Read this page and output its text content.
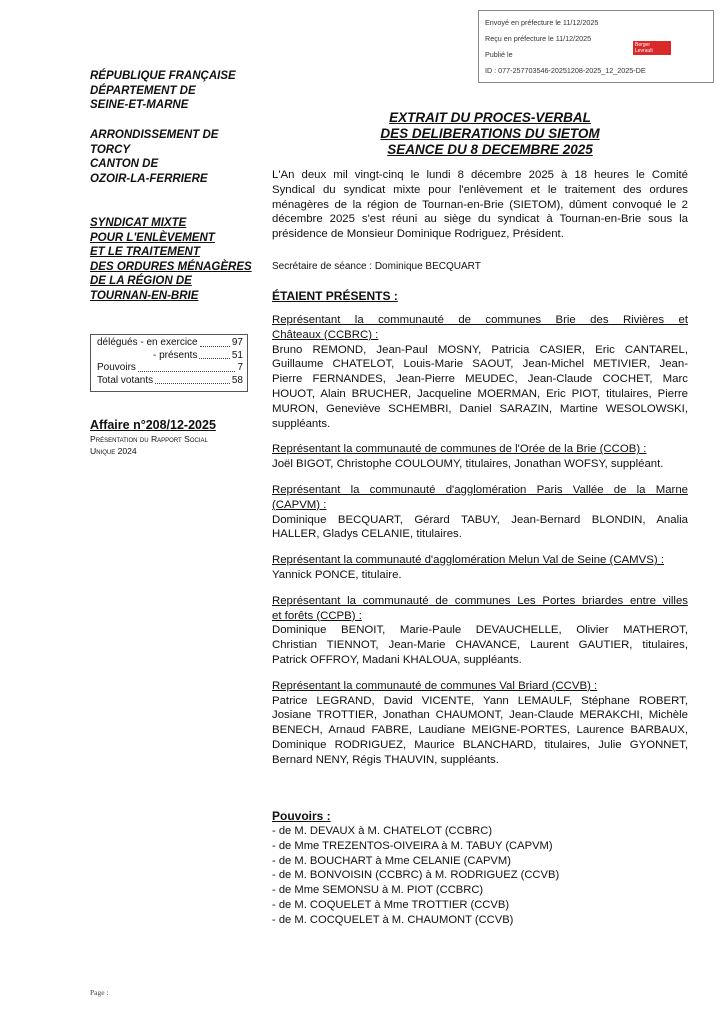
Envoyé en préfecture le 11/12/2025
Reçu en préfecture le 11/12/2025
Publié le
ID : 077-257703546-20251208-2025_12_2025-DE
Berger Levrault
RÉPUBLIQUE FRANÇAISE
DÉPARTEMENT DE
SEINE-ET-MARNE
ARRONDISSEMENT DE
TORCY
CANTON DE
OZOIR-LA-FERRIERE
SYNDICAT MIXTE
POUR L'ENLÈVEMENT
ET LE TRAITEMENT
DES ORDURES MÉNAGÈRES
DE LA RÉGION DE
TOURNAN-EN-BRIE
délégués - en exercice	97
- présents	51
Pouvoirs	7
Total votants	58
Affaire n°208/12-2025
Présentation du Rapport Social
Unique 2024
EXTRAIT DU PROCES-VERBAL
DES DELIBERATIONS DU SIETOM
SEANCE DU 8 DECEMBRE 2025
L'An deux mil vingt-cinq le lundi 8 décembre 2025 à 18 heures le Comité
Syndical du syndicat mixte pour l'enlèvement et le traitement des ordures
ménagères de la région de Tournan-en-Brie (SIETOM), dûment convoqué le 2
décembre 2025 s'est réuni au siège du syndicat à Tournan-en-Brie sous la
présidence de Monsieur Dominique Rodriguez, Président.
Secrétaire de séance : Dominique BECQUART
ÉTAIENT PRÉSENTS :
Représentant la communauté de communes Brie des Rivières et
Châteaux (CCBRC) :
Bruno REMOND, Jean-Paul MOSNY, Patricia CASIER, Eric CANTAREL,
Guillaume CHATELOT, Louis-Marie SAOUT, Jean-Michel METIVIER, Jean-
Pierre FERNANDES, Jean-Pierre MEUDEC, Jean-Claude COCHET, Marc
HOUOT, Alain BRUCHER, Jacqueline MOERMAN, Eric PIOT, titulaires, Pierre
MURON, Geneviève SCHEMBRI, Daniel SARAZIN, Martine WESOLOWSKI,
suppléants.
Représentant la communauté de communes de l'Orée de la Brie (CCOB) :
Joël BIGOT, Christophe COULOUMY, titulaires, Jonathan WOFSY, suppléant.
Représentant la communauté d'agglomération Paris Vallée de la Marne
(CAPVM) :
Dominique BECQUART, Gérard TABUY, Jean-Bernard BLONDIN, Analia
HALLER, Gladys CELANIE, titulaires.
Représentant la communauté d'agglomération Melun Val de Seine (CAMVS) :
Yannick PONCE, titulaire.
Représentant la communauté de communes Les Portes briardes entre villes
et forêts (CCPB) :
Dominique BENOIT, Marie-Paule DEVAUCHELLE, Olivier MATHEROT,
Christian TIENNOT, Jean-Marie CHAVANCE, Laurent GAUTIER, titulaires,
Patrick OFFROY, Madani KHALOUA, suppléants.
Représentant la communauté de communes Val Briard (CCVB) :
Patrice LEGRAND, David VICENTE, Yann LEMAULF, Stéphane ROBERT,
Josiane TROTTIER, Jonathan CHAUMONT, Jean-Claude MERAKCHI, Michèle
BENECH, Arnaud FABRE, Laudiane MEIGNE-PORTES, Laurence BARBAUX,
Dominique RODRIGUEZ, Maurice BLANCHARD, titulaires, Julie GYONNET,
Bernard NENY, Régis THAUVIN, suppléants.
Pouvoirs :
- de M. DEVAUX à M. CHATELOT (CCBRC)
- de Mme TREZENTOS-OIVEIRA à M. TABUY (CAPVM)
- de M. BOUCHART à Mme CELANIE (CAPVM)
- de M. BONVOISIN (CCBRC) à M. RODRIGUEZ (CCVB)
- de Mme SEMONSU à M. PIOT (CCBRC)
- de M. COQUELET à Mme TROTTIER (CCVB)
- de M. COCQUELET à M. CHAUMONT (CCVB)
Page :
